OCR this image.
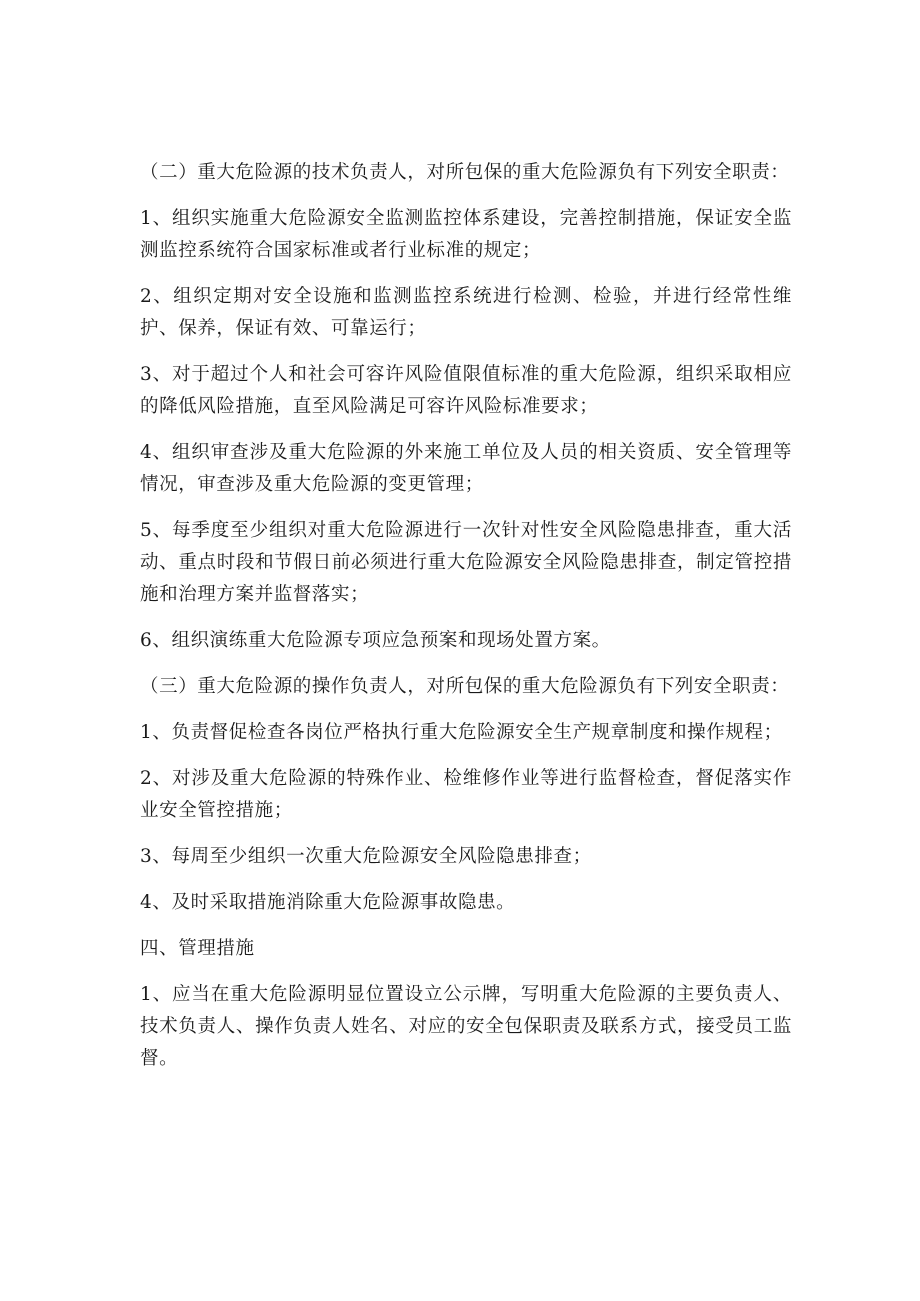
（二）重大危险源的技术负责人，对所包保的重大危险源负有下列安全职责：

1、组织实施重大危险源安全监测监控体系建设，完善控制措施，保证安全监测监控系统符合国家标准或者行业标准的规定；

2、组织定期对安全设施和监测监控系统进行检测、检验，并进行经常性维护、保养，保证有效、可靠运行；

3、对于超过个人和社会可容许风险值限值标准的重大危险源，组织采取相应的降低风险措施，直至风险满足可容许风险标准要求；

4、组织审查涉及重大危险源的外来施工单位及人员的相关资质、安全管理等情况，审查涉及重大危险源的变更管理；

5、每季度至少组织对重大危险源进行一次针对性安全风险隐患排查，重大活动、重点时段和节假日前必须进行重大危险源安全风险隐患排查，制定管控措施和治理方案并监督落实；

6、组织演练重大危险源专项应急预案和现场处置方案。

（三）重大危险源的操作负责人，对所包保的重大危险源负有下列安全职责：

1、负责督促检查各岗位严格执行重大危险源安全生产规章制度和操作规程；

2、对涉及重大危险源的特殊作业、检维修作业等进行监督检查，督促落实作业安全管控措施；

3、每周至少组织一次重大危险源安全风险隐患排查；

4、及时采取措施消除重大危险源事故隐患。

四、管理措施

1、应当在重大危险源明显位置设立公示牌，写明重大危险源的主要负责人、技术负责人、操作负责人姓名、对应的安全包保职责及联系方式，接受员工监督。
